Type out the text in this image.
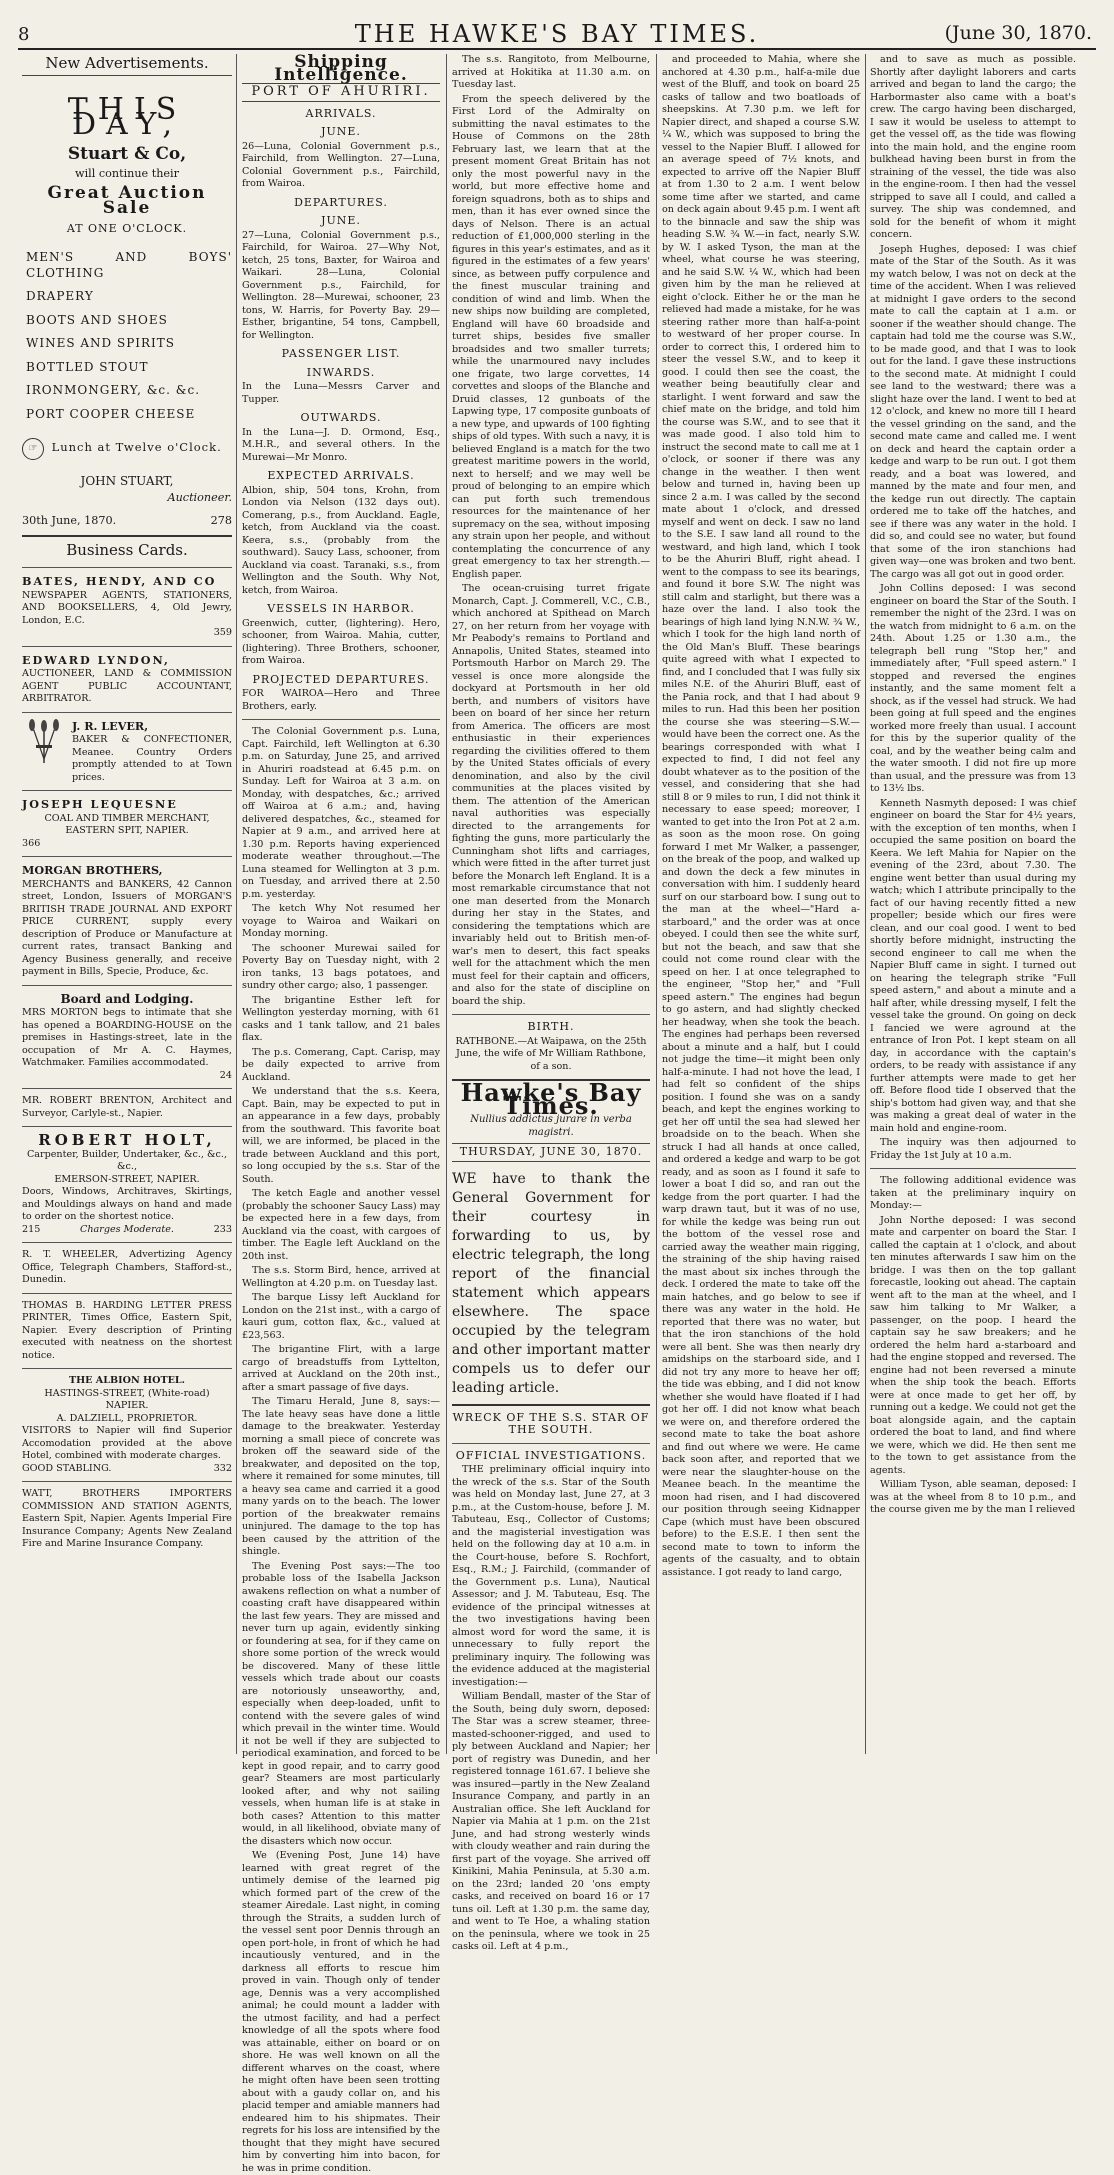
8	THE HAWKE'S BAY TIMES.	(June 30, 1870.
New Advertisements.
THIS DAY,
Stuart & Co,
will continue their
Great Auction Sale
AT ONE O'CLOCK.
MEN'S AND BOYS' CLOTHING
DRAPERY
BOOTS AND SHOES
WINES AND SPIRITS
BOTTLED STOUT
IRONMONGERY, &c. &c.
PORT COOPER CHEESE
☞ Lunch at Twelve o'Clock.
JOHN STUART,
Auctioneer.
30th June, 1870.	278
Business Cards.
BATES, HENDY, AND CO
NEWSPAPER AGENTS, STATIONERS, AND BOOKSELLERS, 4, Old Jewry, London, E.C.
359
EDWARD LYNDON,
AUCTIONEER, LAND & COMMISSION AGENT PUBLIC ACCOUNTANT, ARBITRATOR.
J. R. LEVER,
BAKER & CONFECTIONER, Meanee. Country Orders promptly attended to at Town prices.
JOSEPH LEQUESNE
COAL AND TIMBER MERCHANT, EASTERN SPIT, NAPIER.
366
MORGAN BROTHERS,
MERCHANTS and BANKERS, 42 Cannon street, London, Issuers of MORGAN'S BRITISH TRADE JOURNAL AND EXPORT PRICE CURRENT, supply every description of Produce or Manufacture at current rates, transact Banking and Agency Business generally, and receive payment in Bills, Specie, Produce, &c.
Board and Lodging.
MRS MORTON begs to intimate that she has opened a BOARDING-HOUSE on the premises in Hastings-street, late in the occupation of Mr A. C. Haymes, Watchmaker. Families accommodated.
24
MR. ROBERT BRENTON, Architect and Surveyor, Carlyle-st., Napier.
ROBERT HOLT,
Carpenter, Builder, Undertaker, &c., &c., &c.,
EMERSON-STREET, NAPIER.
Doors, Windows, Architraves, Skirtings, and Mouldings always on hand and made to order on the shortest notice.
215	Charges Moderate.	233
R. T. WHEELER, Advertizing Agency Office, Telegraph Chambers, Stafford-st., Dunedin.
THOMAS B. HARDING LETTER PRESS PRINTER, Times Office, Eastern Spit, Napier. Every description of Printing executed with neatness on the shortest notice.
THE ALBION HOTEL.
HASTINGS-STREET, (White-road) NAPIER.
A. DALZIELL, PROPRIETOR.
VISITORS to Napier will find Superior Accomodation provided at the above Hotel, combined with moderate charges.
GOOD STABLING.	332
WATT, BROTHERS IMPORTERS COMMISSION AND STATION AGENTS, Eastern Spit, Napier. Agents Imperial Fire Insurance Company; Agents New Zealand Fire and Marine Insurance Company.
Shipping Intelligence.
PORT OF AHURIRI.
ARRIVALS.
JUNE.
26—Luna, Colonial Government p.s., Fairchild, from Wellington. 27—Luna, Colonial Government p.s., Fairchild, from Wairoa.
DEPARTURES.
JUNE.
27—Luna, Colonial Government p.s., Fairchild, for Wairoa. 27—Why Not, ketch, 25 tons, Baxter, for Wairoa and Waikari. 28—Luna, Colonial Government p.s., Fairchild, for Wellington. 28—Murewai, schooner, 23 tons, W. Harris, for Poverty Bay. 29—Esther, brigantine, 54 tons, Campbell, for Wellington.
PASSENGER LIST.
INWARDS.
In the Luna—Messrs Carver and Tupper.
OUTWARDS.
In the Luna—J. D. Ormond, Esq., M.H.R., and several others. In the Murewai—Mr Monro.
EXPECTED ARRIVALS.
Albion, ship, 504 tons, Krohn, from London via Nelson (132 days out). Comerang, p.s., from Auckland. Eagle, ketch, from Auckland via the coast. Keera, s.s., (probably from the southward). Saucy Lass, schooner, from Auckland via coast. Taranaki, s.s., from Wellington and the South. Why Not, ketch, from Wairoa.
VESSELS IN HARBOR.
Greenwich, cutter, (lightering). Hero, schooner, from Wairoa. Mahia, cutter, (lightering). Three Brothers, schooner, from Wairoa.
PROJECTED DEPARTURES.
FOR WAIROA—Hero and Three Brothers, early.

The Colonial Government p.s. Luna, Capt. Fairchild, left Wellington at 6.30 p.m. on Saturday, June 25, and arrived in Ahuriri roadstead at 6.45 p.m. on Sunday. Left for Wairoa at 3 a.m. on Monday, with despatches, &c.; arrived off Wairoa at 6 a.m.; and, having delivered despatches, &c., steamed for Napier at 9 a.m., and arrived here at 1.30 p.m. Reports having experienced moderate weather throughout.—The Luna steamed for Wellington at 3 p.m. on Tuesday, and arrived there at 2.50 p.m. yesterday.

The ketch Why Not resumed her voyage to Wairoa and Waikari on Monday morning.

The schooner Murewai sailed for Poverty Bay on Tuesday night, with 2 iron tanks, 13 bags potatoes, and sundry other cargo; also, 1 passenger.

The brigantine Esther left for Wellington yesterday morning, with 61 casks and 1 tank tallow, and 21 bales flax.

The p.s. Comerang, Capt. Carisp, may be daily expected to arrive from Auckland.

We understand that the s.s. Keera, Capt. Bain, may be expected to put in an appearance in a few days, probably from the southward. This favorite boat will, we are informed, be placed in the trade between Auckland and this port, so long occupied by the s.s. Star of the South.

The ketch Eagle and another vessel (probably the schooner Saucy Lass) may be expected here in a few days, from Auckland via the coast, with cargoes of timber. The Eagle left Auckland on the 20th inst.

The s.s. Storm Bird, hence, arrived at Wellington at 4.20 p.m. on Tuesday last.

The barque Lissy left Auckland for London on the 21st inst., with a cargo of kauri gum, cotton flax, &c., valued at £23,563.

The brigantine Flirt, with a large cargo of breadstuffs from Lyttelton, arrived at Auckland on the 20th inst., after a smart passage of five days.

The Timaru Herald, June 8, says:—The late heavy seas have done a little damage to the breakwater. Yesterday morning a small piece of concrete was broken off the seaward side of the breakwater, and deposited on the top, where it remained for some minutes, till a heavy sea came and carried it a good many yards on to the beach. The lower portion of the breakwater remains uninjured. The damage to the top has been caused by the attrition of the shingle.

The Evening Post says:—The too probable loss of the Isabella Jackson awakens reflection on what a number of coasting craft have disappeared within the last few years. They are missed and never turn up again, evidently sinking or foundering at sea, for if they came on shore some portion of the wreck would be discovered. Many of these little vessels which trade about our coasts are notoriously unseaworthy, and, especially when deep-loaded, unfit to contend with the severe gales of wind which prevail in the winter time. Would it not be well if they are subjected to periodical examination, and forced to be kept in good repair, and to carry good gear? Steamers are most particularly looked after, and why not sailing vessels, when human life is at stake in both cases? Attention to this matter would, in all likelihood, obviate many of the disasters which now occur.

We (Evening Post, June 14) have learned with great regret of the untimely demise of the learned pig which formed part of the crew of the steamer Airedale. Last night, in coming through the Straits, a sudden lurch of the vessel sent poor Dennis through an open port-hole, in front of which he had incautiously ventured, and in the darkness all efforts to rescue him proved in vain. Though only of tender age, Dennis was a very accomplished animal; he could mount a ladder with the utmost facility, and had a perfect knowledge of all the spots where food was attainable, either on board or on shore. He was well known on all the different wharves on the coast, where he might often have been seen trotting about with a gaudy collar on, and his placid temper and amiable manners had endeared him to his shipmates. Their regrets for his loss are intensified by the thought that they might have secured him by converting him into bacon, for he was in prime condition.

The s.s. Rangitoto, from Melbourne, arrived at Hokitika at 11.30 a.m. on Tuesday last.

From the speech delivered by the First Lord of the Admiralty on submitting the naval estimates to the House of Commons on the 28th February last, we learn that at the present moment Great Britain has not only the most powerful navy in the world, but more effective home and foreign squadrons, both as to ships and men, than it has ever owned since the days of Nelson. There is an actual reduction of £1,000,000 sterling in the figures in this year's estimates, and as it figured in the estimates of a few years' since, as between puffy corpulence and the finest muscular training and condition of wind and limb. When the new ships now building are completed, England will have 60 broadside and turret ships, besides five smaller broadsides and two smaller turrets; while the unarmoured navy includes one frigate, two large corvettes, 14 corvettes and sloops of the Blanche and Druid classes, 12 gunboats of the Lapwing type, 17 composite gunboats of a new type, and upwards of 100 fighting ships of old types. With such a navy, it is believed England is a match for the two greatest maritime powers in the world, next to herself; and we may well be proud of belonging to an empire which can put forth such tremendous resources for the maintenance of her supremacy on the sea, without imposing any strain upon her people, and without contemplating the concurrence of any great emergency to tax her strength.—English paper.

The ocean-cruising turret frigate Monarch, Capt. J. Commerell, V.C., C.B., which anchored at Spithead on March 27, on her return from her voyage with Mr Peabody's remains to Portland and Annapolis, United States, steamed into Portsmouth Harbor on March 29. The vessel is once more alongside the dockyard at Portsmouth in her old berth, and numbers of visitors have been on board of her since her return from America. The officers are most enthusiastic in their experiences regarding the civilities offered to them by the United States officials of every denomination, and also by the civil communities at the places visited by them. The attention of the American naval authorities was especially directed to the arrangements for fighting the guns, more particularly the Cunningham shot lifts and carriages, which were fitted in the after turret just before the Monarch left England. It is a most remarkable circumstance that not one man deserted from the Monarch during her stay in the States, and considering the temptations which are invariably held out to British men-of-war's men to desert, this fact speaks well for the attachment which the men must feel for their captain and officers, and also for the state of discipline on board the ship.

BIRTH.
RATHBONE.—At Waipawa, on the 25th June, the wife of Mr William Rathbone, of a son.
Hawke's Bay Times.
Nullius addictus jurare in verba magistri.
THURSDAY, JUNE 30, 1870.
WE have to thank the General Government for their courtesy in forwarding to us, by electric telegraph, the long report of the financial statement which appears elsewhere. The space occupied by the telegram and other important matter compels us to defer our leading article.
WRECK OF THE S.S. STAR OF THE SOUTH.
OFFICIAL INVESTIGATIONS.

THE preliminary official inquiry into the wreck of the s.s. Star of the South was held on Monday last, June 27, at 3 p.m., at the Custom-house, before J. M. Tabuteau, Esq., Collector of Customs; and the magisterial investigation was held on the following day at 10 a.m. in the Court-house, before S. Rochfort, Esq., R.M.; J. Fairchild, (commander of the Government p.s. Luna), Nautical Assessor; and J. M. Tabuteau, Esq. The evidence of the principal witnesses at the two investigations having been almost word for word the same, it is unnecessary to fully report the preliminary inquiry. The following was the evidence adduced at the magisterial investigation:—

William Bendall, master of the Star of the South, being duly sworn, deposed: The Star was a screw steamer, three-masted-schooner-rigged, and used to ply between Auckland and Napier; her port of registry was Dunedin, and her registered tonnage 161.67. I believe she was insured—partly in the New Zealand Insurance Company, and partly in an Australian office. She left Auckland for Napier via Mahia at 1 p.m. on the 21st June, and had strong westerly winds with cloudy weather and rain during the first part of the voyage. She arrived off Kinikini, Mahia Peninsula, at 5.30 a.m. on the 23rd; landed 20 'ons empty casks, and received on board 16 or 17 tuns oil. Left at 1.30 p.m. the same day, and went to Te Hoe, a whaling station on the peninsula, where we took in 25 casks oil. Left at 4 p.m.,

and proceeded to Mahia, where she anchored at 4.30 p.m., half-a-mile due west of the Bluff, and took on board 25 casks of tallow and two boatloads of sheepskins. At 7.30 p.m. we left for Napier direct, and shaped a course S.W. ¼ W., which was supposed to bring the vessel to the Napier Bluff. I allowed for an average speed of 7½ knots, and expected to arrive off the Napier Bluff at from 1.30 to 2 a.m. I went below some time after we started, and came on deck again about 9.45 p.m. I went aft to the binnacle and saw the ship was heading S.W. ¾ W.—in fact, nearly S.W. by W. I asked Tyson, the man at the wheel, what course he was steering, and he said S.W. ¼ W., which had been given him by the man he relieved at eight o'clock. Either he or the man he relieved had made a mistake, for he was steering rather more than half-a-point to westward of her proper course. In order to correct this, I ordered him to steer the vessel S.W., and to keep it good. I could then see the coast, the weather being beautifully clear and starlight. I went forward and saw the chief mate on the bridge, and told him the course was S.W., and to see that it was made good. I also told him to instruct the second mate to call me at 1 o'clock, or sooner if there was any change in the weather. I then went below and turned in, having been up since 2 a.m. I was called by the second mate about 1 o'clock, and dressed myself and went on deck. I saw no land to the S.E. I saw land all round to the westward, and high land, which I took to be the Ahuriri Bluff, right ahead. I went to the compass to see its bearings, and found it bore S.W. The night was still calm and starlight, but there was a haze over the land. I also took the bearings of high land lying N.N.W. ¾ W., which I took for the high land north of the Old Man's Bluff. These bearings quite agreed with what I expected to find, and I concluded that I was fully six miles N.E. of the Ahuriri Bluff, east of the Pania rock, and that I had about 9 miles to run. Had this been her position the course she was steering—S.W.—would have been the correct one. As the bearings corresponded with what I expected to find, I did not feel any doubt whatever as to the position of the vessel, and considering that she had still 8 or 9 miles to run, I did not think it necessary to ease speed; moreover, I wanted to get into the Iron Pot at 2 a.m. as soon as the moon rose. On going forward I met Mr Walker, a passenger, on the break of the poop, and walked up and down the deck a few minutes in conversation with him. I suddenly heard surf on our starboard bow. I sung out to the man at the wheel—"Hard a-starboard," and the order was at once obeyed. I could then see the white surf, but not the beach, and saw that she could not come round clear with the speed on her. I at once telegraphed to the engineer, "Stop her," and "Full speed astern." The engines had begun to go astern, and had slightly checked her headway, when she took the beach. The engines had perhaps been reversed about a minute and a half, but I could not judge the time—it might been only half-a-minute. I had not hove the lead, I had felt so confident of the ships position. I found she was on a sandy beach, and kept the engines working to get her off until the sea had slewed her broadside on to the beach. When she struck I had all hands at once called, and ordered a kedge and warp to be got ready, and as soon as I found it safe to lower a boat I did so, and ran out the kedge from the port quarter. I had the warp drawn taut, but it was of no use, for while the kedge was being run out the bottom of the vessel rose and carried away the weather main rigging, the straining of the ship having raised the mast about six inches through the deck. I ordered the mate to take off the main hatches, and go below to see if there was any water in the hold. He reported that there was no water, but that the iron stanchions of the hold were all bent. She was then nearly dry amidships on the starboard side, and I did not try any more to heave her off; the tide was ebbing, and I did not know whether she would have floated if I had got her off. I did not know what beach we were on, and therefore ordered the second mate to take the boat ashore and find out where we were. He came back soon after, and reported that we were near the slaughter-house on the Meanee beach. In the meantime the moon had risen, and I had discovered our position through seeing Kidnapper Cape (which must have been obscured before) to the E.S.E. I then sent the second mate to town to inform the agents of the casualty, and to obtain assistance. I got ready to land cargo,

and to save as much as possible. Shortly after daylight laborers and carts arrived and began to land the cargo; the Harbormaster also came with a boat's crew. The cargo having been discharged, I saw it would be useless to attempt to get the vessel off, as the tide was flowing into the main hold, and the engine room bulkhead having been burst in from the straining of the vessel, the tide was also in the engine-room. I then had the vessel stripped to save all I could, and called a survey. The ship was condemned, and sold for the benefit of whom it might concern.

Joseph Hughes, deposed: I was chief mate of the Star of the South. As it was my watch below, I was not on deck at the time of the accident. When I was relieved at midnight I gave orders to the second mate to call the captain at 1 a.m. or sooner if the weather should change. The captain had told me the course was S.W., to be made good, and that I was to look out for the land. I gave these instructions to the second mate. At midnight I could see land to the westward; there was a slight haze over the land. I went to bed at 12 o'clock, and knew no more till I heard the vessel grinding on the sand, and the second mate came and called me. I went on deck and heard the captain order a kedge and warp to be run out. I got them ready, and a boat was lowered, and manned by the mate and four men, and the kedge run out directly. The captain ordered me to take off the hatches, and see if there was any water in the hold. I did so, and could see no water, but found that some of the iron stanchions had given way—one was broken and two bent. The cargo was all got out in good order.

John Collins deposed: I was second engineer on board the Star of the South. I remember the night of the 23rd. I was on the watch from midnight to 6 a.m. on the 24th. About 1.25 or 1.30 a.m., the telegraph bell rung "Stop her," and immediately after, "Full speed astern." I stopped and reversed the engines instantly, and the same moment felt a shock, as if the vessel had struck. We had been going at full speed and the engines worked more freely than usual. I account for this by the superior quality of the coal, and by the weather being calm and the water smooth. I did not fire up more than usual, and the pressure was from 13 to 13½ lbs.

Kenneth Nasmyth deposed: I was chief engineer on board the Star for 4½ years, with the exception of ten months, when I occupied the same position on board the Keera. We left Mahia for Napier on the evening of the 23rd, about 7.30. The engine went better than usual during my watch; which I attribute principally to the fact of our having recently fitted a new propeller; beside which our fires were clean, and our coal good. I went to bed shortly before midnight, instructing the second engineer to call me when the Napier Bluff came in sight. I turned out on hearing the telegraph strike "Full speed astern," and about a minute and a half after, while dressing myself, I felt the vessel take the ground. On going on deck I fancied we were aground at the entrance of Iron Pot. I kept steam on all day, in accordance with the captain's orders, to be ready with assistance if any further attempts were made to get her off. Before flood tide I observed that the ship's bottom had given way, and that she was making a great deal of water in the main hold and engine-room.

The inquiry was then adjourned to Friday the 1st July at 10 a.m.

The following additional evidence was taken at the preliminary inquiry on Monday:—

John Northe deposed: I was second mate and carpenter on board the Star. I called the captain at 1 o'clock, and about ten minutes afterwards I saw him on the bridge. I was then on the top gallant forecastle, looking out ahead. The captain went aft to the man at the wheel, and I saw him talking to Mr Walker, a passenger, on the poop. I heard the captain say he saw breakers; and he ordered the helm hard a-starboard and had the engine stopped and reversed. The engine had not been reversed a minute when the ship took the beach. Efforts were at once made to get her off, by running out a kedge. We could not get the boat alongside again, and the captain ordered the boat to land, and find where we were, which we did. He then sent me to the town to get assistance from the agents.

William Tyson, able seaman, deposed: I was at the wheel from 8 to 10 p.m., and the course given me by the man I relieved
